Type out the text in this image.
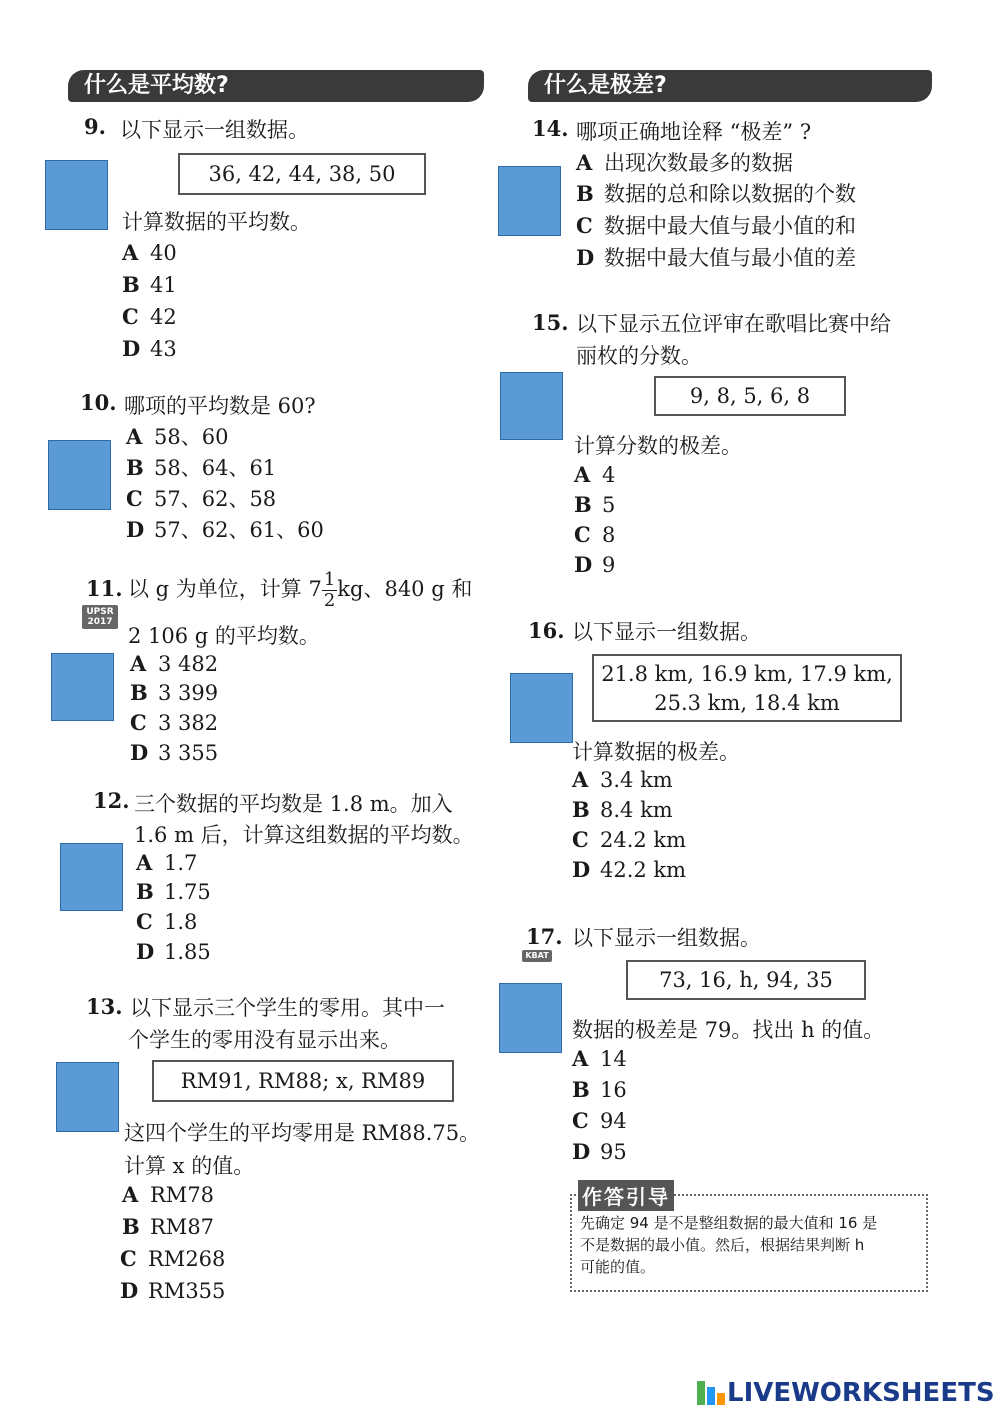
什么是平均数?	什么是极差?
9. 以下显示一组数据。
36, 42, 44, 38, 50
计算数据的平均数。
A 40
B 41
C 42
D 43
10. 哪项的平均数是 60?
A 58、60
B 58、64、61
C 57、62、58
D 57、62、61、60
11. 以 g 为单位，计算 $7 \frac{1}{2}$ kg、840 g 和
UPSR
2017
2 106 g 的平均数。
A 3 482
B 3 399
C 3 382
D 3 355
12. 三个数据的平均数是 1.8 m。加入
1.6 m 后，计算这组数据的平均数。
A 1.7
B 1.75
C 1.8
D 1.85
13. 以下显示三个学生的零用。其中一
个学生的零用没有显示出来。
RM91, RM88; x, RM89
这四个学生的平均零用是 RM88.75。
计算 x 的值。
A RM78
B RM87
C RM268
D RM355
14. 哪项正确地诠释 “极差” ?
A 出现次数最多的数据
B 数据的总和除以数据的个数
C 数据中最大值与最小值的和
D 数据中最大值与最小值的差
15. 以下显示五位评审在歌唱比赛中给
丽枚的分数。
9, 8, 5, 6, 8
计算分数的极差。
A 4
B 5
C 8
D 9
16. 以下显示一组数据。
21.8 km, 16.9 km, 17.9 km,
25.3 km, 18.4 km
计算数据的极差。
A 3.4 km
B 8.4 km
C 24.2 km
D 42.2 km
17.
KBAT
以下显示一组数据。
73, 16, h, 94, 35
数据的极差是 79。找出 h 的值。
A 14
B 16
C 94
D 95
先确定 94 是不是整组数据的最大值和 16 是
不是数据的最小值。然后，根据结果判断 h
可能的值。
作答引导
LIVEWORKSHEETS
